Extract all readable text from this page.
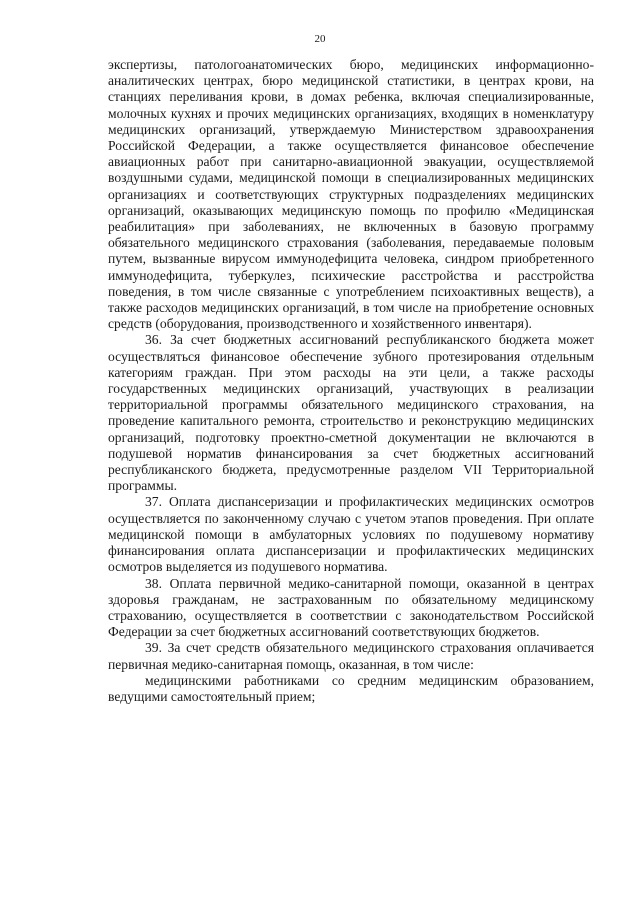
20

экспертизы, патологоанатомических бюро, медицинских информационно-аналитических центрах, бюро медицинской статистики, в центрах крови, на станциях переливания крови, в домах ребенка, включая специализированные, молочных кухнях и прочих медицинских организациях, входящих в номенклатуру медицинских организаций, утверждаемую Министерством здравоохранения Российской Федерации, а также осуществляется финансовое обеспечение авиационных работ при санитарно-авиационной эвакуации, осуществляемой воздушными судами, медицинской помощи в специализированных медицинских организациях и соответствующих структурных подразделениях медицинских организаций, оказывающих медицинскую помощь по профилю «Медицинская реабилитация» при заболеваниях, не включенных в базовую программу обязательного медицинского страхования (заболевания, передаваемые половым путем, вызванные вирусом иммунодефицита человека, синдром приобретенного иммунодефицита, туберкулез, психические расстройства и расстройства поведения, в том числе связанные с употреблением психоактивных веществ), а также расходов медицинских организаций, в том числе на приобретение основных средств (оборудования, производственного и хозяйственного инвентаря).

36. За счет бюджетных ассигнований республиканского бюджета может осуществляться финансовое обеспечение зубного протезирования отдельным категориям граждан. При этом расходы на эти цели, а также расходы государственных медицинских организаций, участвующих в реализации территориальной программы обязательного медицинского страхования, на проведение капитального ремонта, строительство и реконструкцию медицинских организаций, подготовку проектно-сметной документации не включаются в подушевой норматив финансирования за счет бюджетных ассигнований республиканского бюджета, предусмотренные разделом VII Территориальной программы.

37. Оплата диспансеризации и профилактических медицинских осмотров осуществляется по законченному случаю с учетом этапов проведения. При оплате медицинской помощи в амбулаторных условиях по подушевому нормативу финансирования оплата диспансеризации и профилактических медицинских осмотров выделяется из подушевого норматива.

38. Оплата первичной медико-санитарной помощи, оказанной в центрах здоровья гражданам, не застрахованным по обязательному медицинскому страхованию, осуществляется в соответствии с законодательством Российской Федерации за счет бюджетных ассигнований соответствующих бюджетов.

39. За счет средств обязательного медицинского страхования оплачивается первичная медико-санитарная помощь, оказанная, в том числе:

медицинскими работниками со средним медицинским образованием, ведущими самостоятельный прием;
